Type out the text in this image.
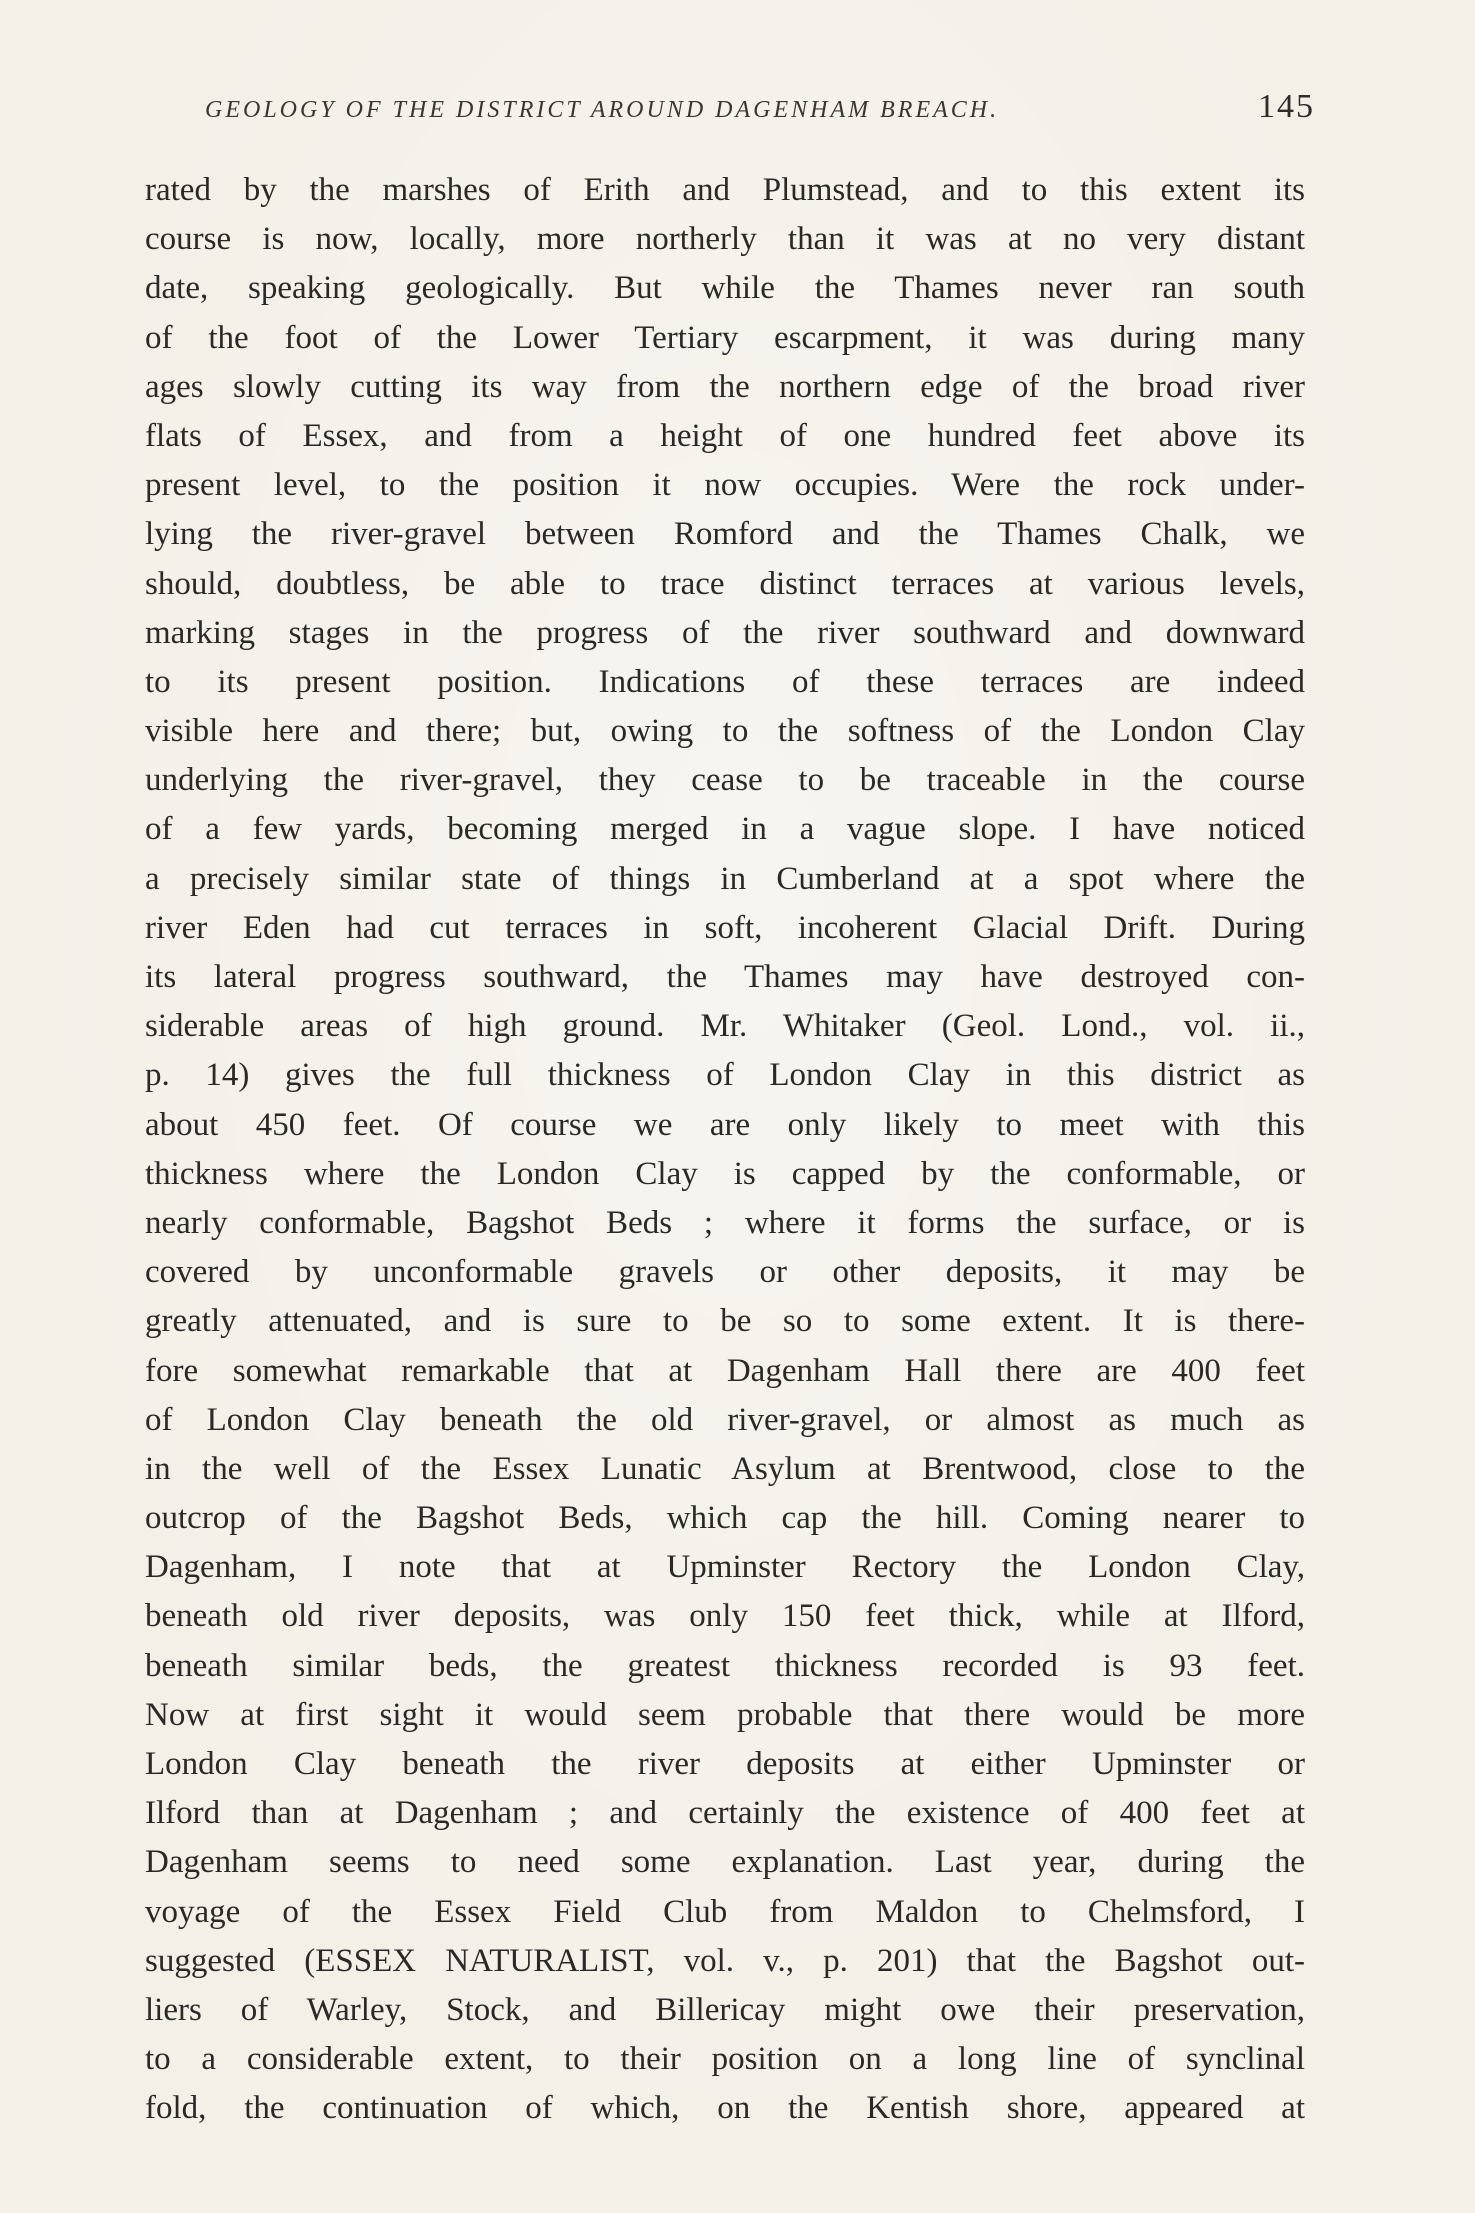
GEOLOGY OF THE DISTRICT AROUND DAGENHAM BREACH.	145
rated by the marshes of Erith and Plumstead, and to this extent its
course is now, locally, more northerly than it was at no very distant
date, speaking geologically. But while the Thames never ran south
of the foot of the Lower Tertiary escarpment, it was during many
ages slowly cutting its way from the northern edge of the broad river
flats of Essex, and from a height of one hundred feet above its
present level, to the position it now occupies. Were the rock under-
lying the river-gravel between Romford and the Thames Chalk, we
should, doubtless, be able to trace distinct terraces at various levels,
marking stages in the progress of the river southward and downward
to its present position. Indications of these terraces are indeed
visible here and there; but, owing to the softness of the London Clay
underlying the river-gravel, they cease to be traceable in the course
of a few yards, becoming merged in a vague slope. I have noticed
a precisely similar state of things in Cumberland at a spot where the
river Eden had cut terraces in soft, incoherent Glacial Drift. During
its lateral progress southward, the Thames may have destroyed con-
siderable areas of high ground. Mr. Whitaker (Geol. Lond., vol. ii.,
p. 14) gives the full thickness of London Clay in this district as
about 450 feet. Of course we are only likely to meet with this
thickness where the London Clay is capped by the conformable, or
nearly conformable, Bagshot Beds ; where it forms the surface, or is
covered by unconformable gravels or other deposits, it may be
greatly attenuated, and is sure to be so to some extent. It is there-
fore somewhat remarkable that at Dagenham Hall there are 400 feet
of London Clay beneath the old river-gravel, or almost as much as
in the well of the Essex Lunatic Asylum at Brentwood, close to the
outcrop of the Bagshot Beds, which cap the hill. Coming nearer to
Dagenham, I note that at Upminster Rectory the London Clay,
beneath old river deposits, was only 150 feet thick, while at Ilford,
beneath similar beds, the greatest thickness recorded is 93 feet.
Now at first sight it would seem probable that there would be more
London Clay beneath the river deposits at either Upminster or
Ilford than at Dagenham ; and certainly the existence of 400 feet at
Dagenham seems to need some explanation. Last year, during the
voyage of the Essex Field Club from Maldon to Chelmsford, I
suggested (ESSEX NATURALIST, vol. v., p. 201) that the Bagshot out-
liers of Warley, Stock, and Billericay might owe their preservation,
to a considerable extent, to their position on a long line of synclinal
fold, the continuation of which, on the Kentish shore, appeared at
